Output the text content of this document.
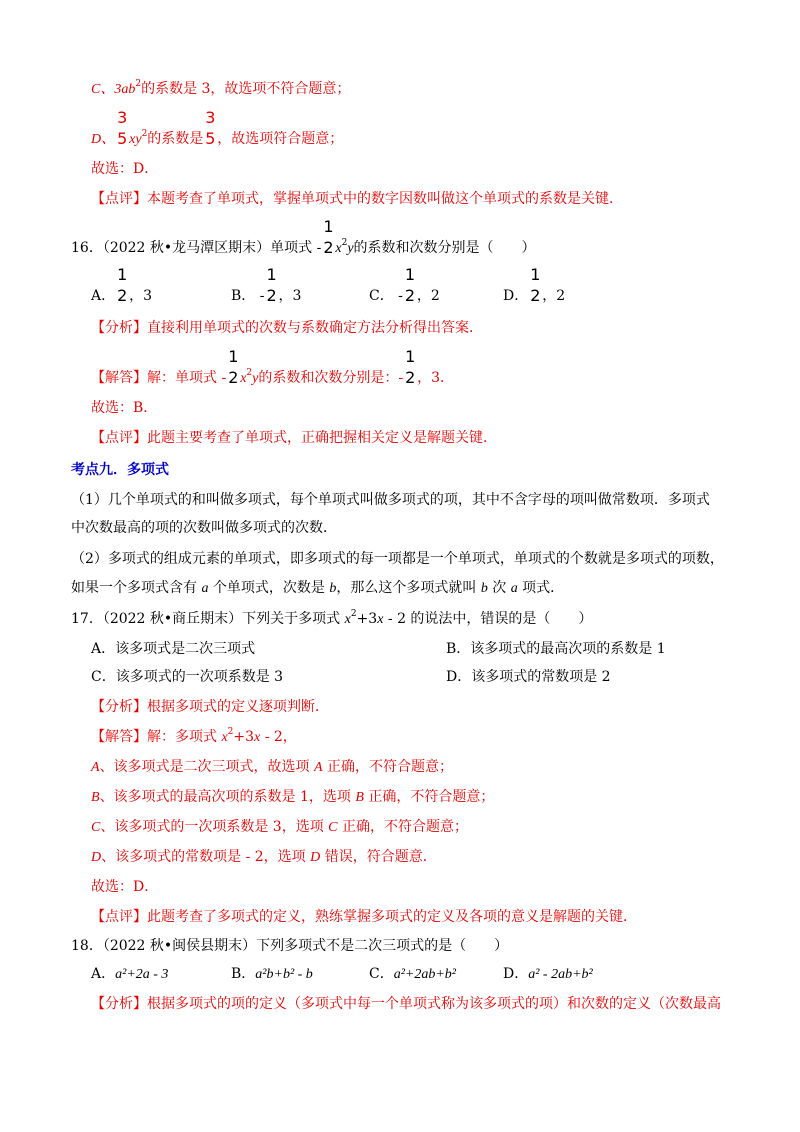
C、$3ab^2$的系数是 3，故选项不符合题意；
D、
3
5 $xy^2$的系数是
3
5 ，故选项符合题意；
故选：D．
【点评】本题考查了单项式，掌握单项式中的数字因数叫做这个单项式的系数是关键．
16．（2022 秋•龙马潭区期末）单项式 -
1
2 $x^2y$的系数和次数分别是（　　）
A．
1
2 ，3	B． -
1
2 ，3	C． -
1
2 ，2	D．
1
2 ，2
【分析】直接利用单项式的次数与系数确定方法分析得出答案．
【解答】解：单项式 -
1
2 $x^2y$的系数和次数分别是：-
1
2 ，3．
故选：B．
【点评】此题主要考查了单项式，正确把握相关定义是解题关键．
考点九．多项式
（1）几个单项式的和叫做多项式，每个单项式叫做多项式的项，其中不含字母的项叫做常数项．多项式
中次数最高的项的次数叫做多项式的次数．
（2）多项式的组成元素的单项式，即多项式的每一项都是一个单项式，单项式的个数就是多项式的项数，
如果一个多项式含有 a 个单项式，次数是 b，那么这个多项式就叫 b 次 a 项式．
17．（2022 秋•商丘期末）下列关于多项式 $x^2+3x - 2$ 的说法中，错误的是（　　）
A．该多项式是二次三项式	B．该多项式的最高次项的系数是 1
C．该多项式的一次项系数是 3	D．该多项式的常数项是 2
【分析】根据多项式的定义逐项判断．
【解答】解：多项式 $x^2+3x - 2$，
A、该多项式是二次三项式，故选项 A 正确，不符合题意；
B、该多项式的最高次项的系数是 1，选项 B 正确，不符合题意；
C、该多项式的一次项系数是 3，选项 C 正确，不符合题意；
D、该多项式的常数项是 - 2，选项 D 错误，符合题意．
故选：D．
【点评】此题考查了多项式的定义，熟练掌握多项式的定义及各项的意义是解题的关键．
18．（2022 秋•闽侯县期末）下列多项式不是二次三项式的是（　　）
A．a²+2a - 3	B．a²b+b² - b	C．a²+2ab+b²	D．a² - 2ab+b²
【分析】根据多项式的项的定义（多项式中每一个单项式称为该多项式的项）和次数的定义（次数最高
